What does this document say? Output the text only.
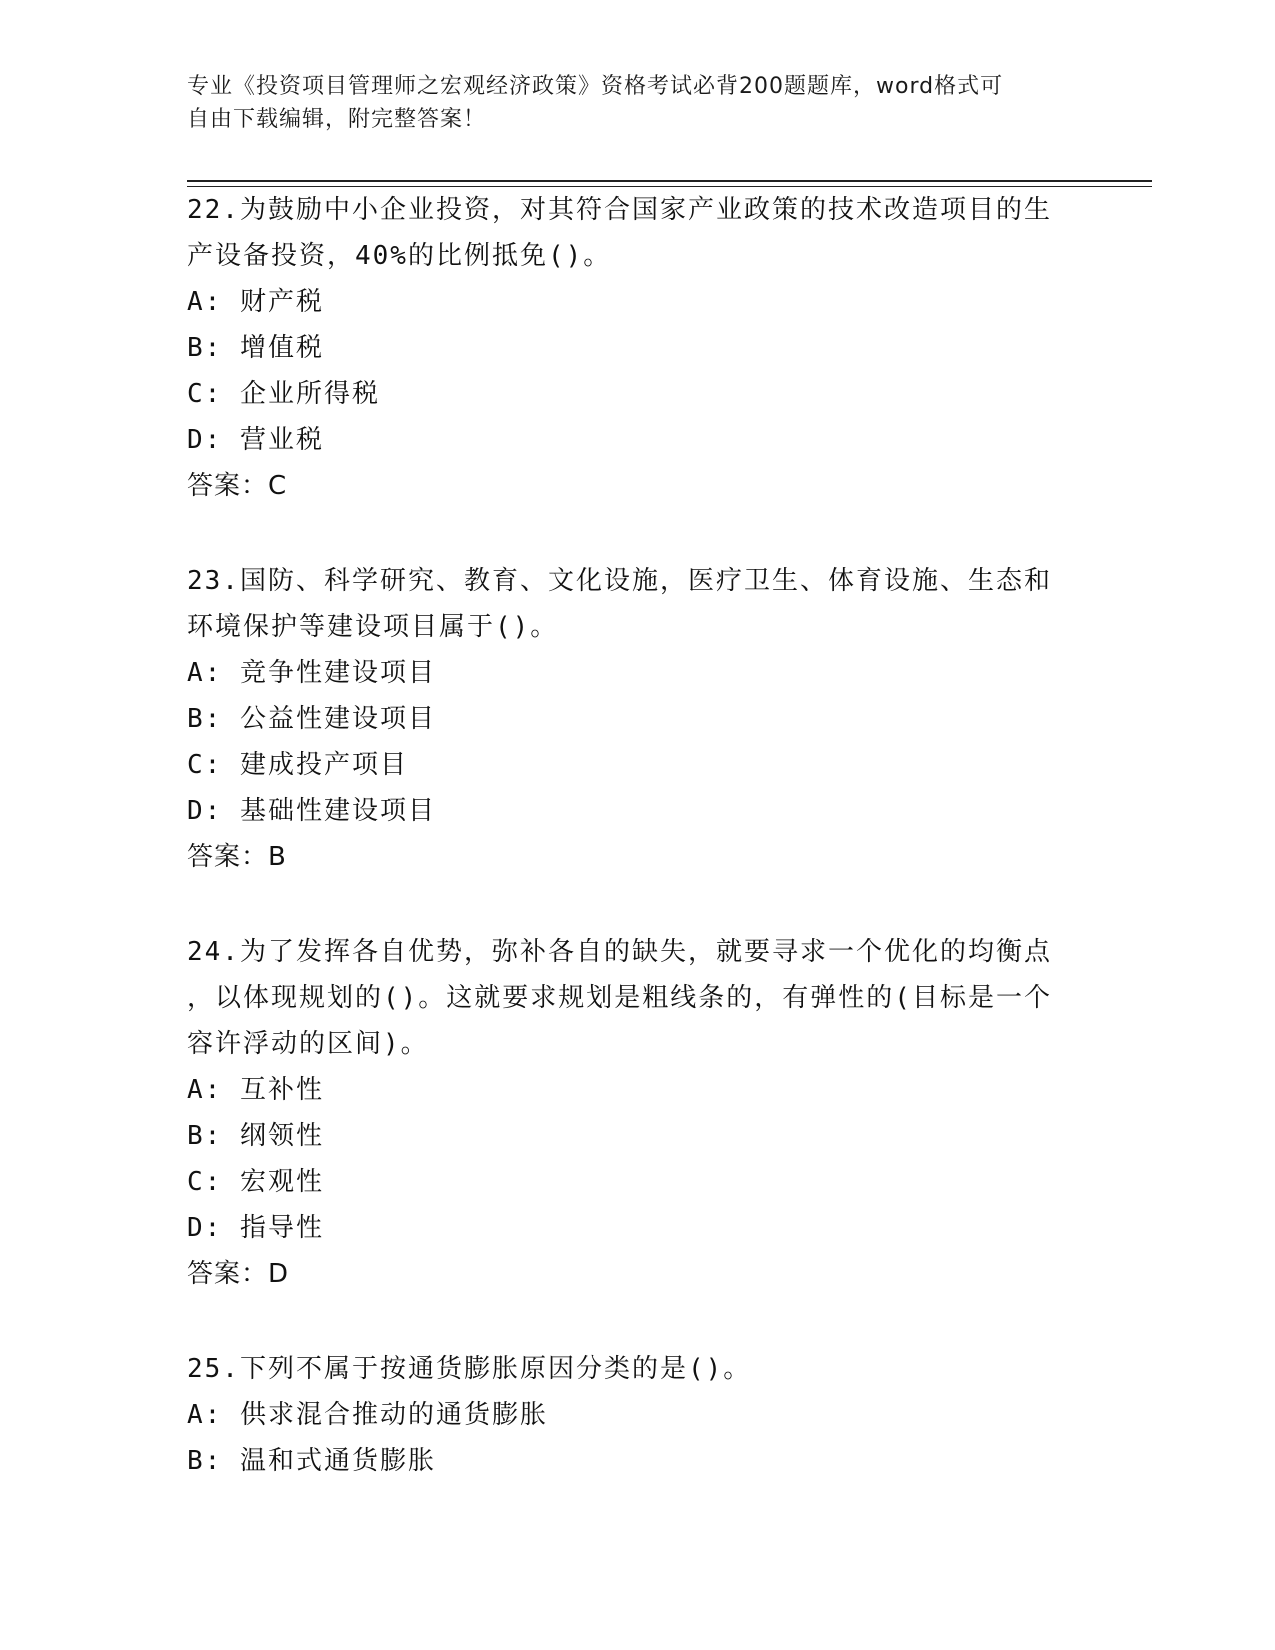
专业《投资项目管理师之宏观经济政策》资格考试必背200题题库，word格式可
自由下载编辑，附完整答案！
22.为鼓励中小企业投资，对其符合国家产业政策的技术改造项目的生
产设备投资，40%的比例抵免()。
A: 财产税
B: 增值税
C: 企业所得税
D: 营业税
答案：C
23.国防、科学研究、教育、文化设施，医疗卫生、体育设施、生态和
环境保护等建设项目属于()。
A: 竞争性建设项目
B: 公益性建设项目
C: 建成投产项目
D: 基础性建设项目
答案：B
24.为了发挥各自优势，弥补各自的缺失，就要寻求一个优化的均衡点
，以体现规划的()。这就要求规划是粗线条的，有弹性的(目标是一个
容许浮动的区间)。
A: 互补性
B: 纲领性
C: 宏观性
D: 指导性
答案：D
25.下列不属于按通货膨胀原因分类的是()。
A: 供求混合推动的通货膨胀
B: 温和式通货膨胀
